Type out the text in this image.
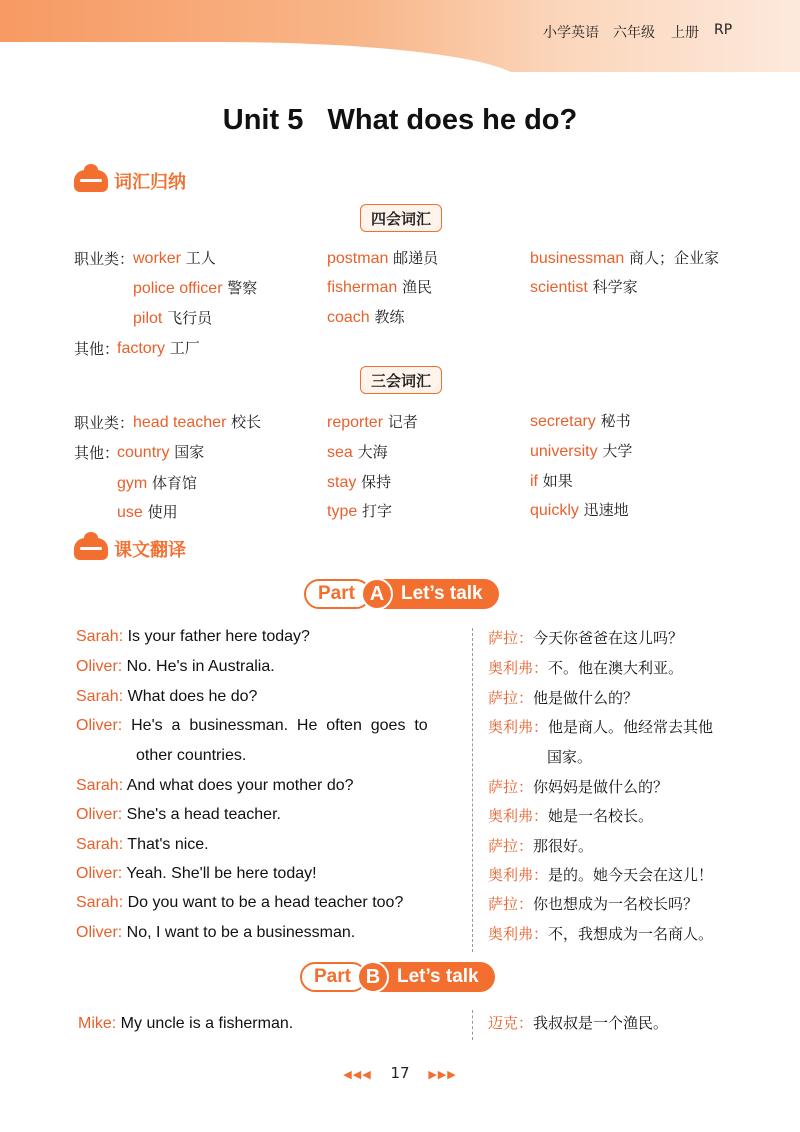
小学英语 六年级 上册 RP
Unit 5   What does he do?
词汇归纳
四会词汇
职业类：
worker 工人	postman 邮递员	businessman 商人；企业家
police officer 警察	fisherman 渔民	scientist 科学家
pilot 飞行员	coach 教练
其他：
factory 工厂
三会词汇
职业类：
head teacher 校长	reporter 记者	secretary 秘书
其他：
country 国家	sea 大海	university 大学
gym 体育馆	stay 保持	if 如果
use 使用	type 打字	quickly 迅速地
课文翻译
Part A Let’s talk
Sarah: Is your father here today?
Oliver: No. He's in Australia.
Sarah: What does he do?
Oliver:  He's  a  businessman.  He  often  goes  to
other countries.
Sarah: And what does your mother do?
Oliver: She's a head teacher.
Sarah: That's nice.
Oliver: Yeah. She'll be here today!
Sarah: Do you want to be a head teacher too?
Oliver: No, I want to be a businessman.
萨拉：今天你爸爸在这儿吗？
奥利弗：不。他在澳大利亚。
萨拉：他是做什么的？
奥利弗：他是商人。他经常去其他
国家。
萨拉：你妈妈是做什么的？
奥利弗：她是一名校长。
萨拉：那很好。
奥利弗：是的。她今天会在这儿！
萨拉：你也想成为一名校长吗？
奥利弗：不，我想成为一名商人。
Part B Let’s talk
Mike: My uncle is a fisherman.	迈克：我叔叔是一个渔民。
◀◀◀ 17 ▶▶▶
